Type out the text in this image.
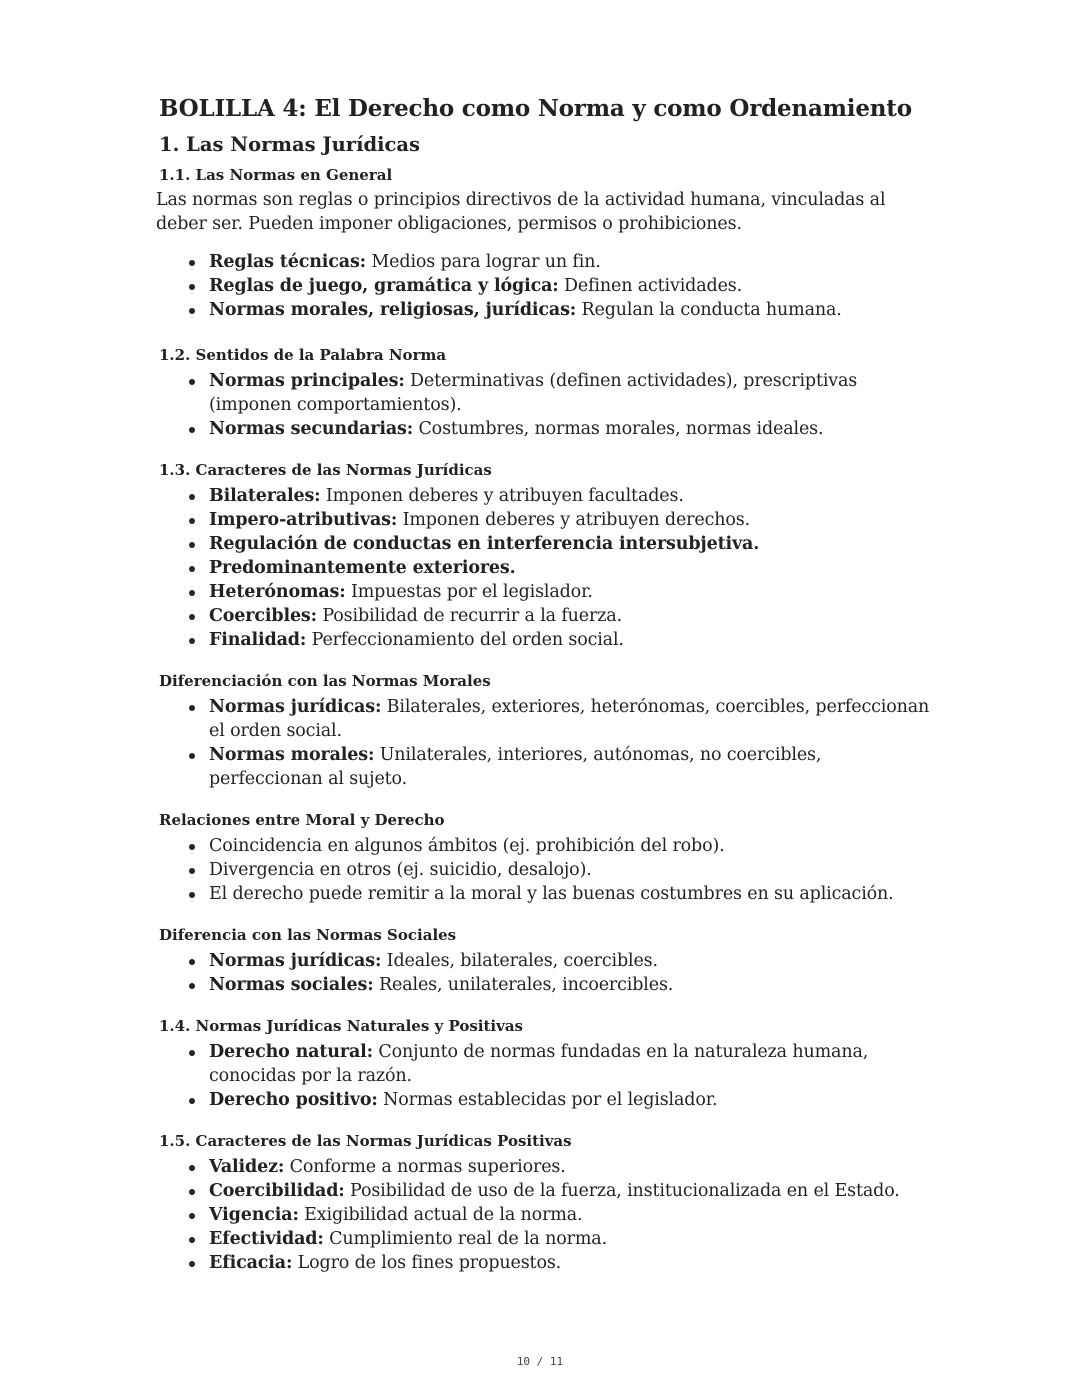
BOLILLA 4: El Derecho como Norma y como Ordenamiento
1. Las Normas Jurídicas
1.1. Las Normas en General

Las normas son reglas o principios directivos de la actividad humana, vinculadas al deber ser. Pueden imponer obligaciones, permisos o prohibiciones.

Reglas técnicas: Medios para lograr un fin.
Reglas de juego, gramática y lógica: Definen actividades.
Normas morales, religiosas, jurídicas: Regulan la conducta humana.
1.2. Sentidos de la Palabra Norma
Normas principales: Determinativas (definen actividades), prescriptivas (imponen comportamientos).
Normas secundarias: Costumbres, normas morales, normas ideales.
1.3. Caracteres de las Normas Jurídicas
Bilaterales: Imponen deberes y atribuyen facultades.
Impero-atributivas: Imponen deberes y atribuyen derechos.
Regulación de conductas en interferencia intersubjetiva.
Predominantemente exteriores.
Heterónomas: Impuestas por el legislador.
Coercibles: Posibilidad de recurrir a la fuerza.
Finalidad: Perfeccionamiento del orden social.
Diferenciación con las Normas Morales
Normas jurídicas: Bilaterales, exteriores, heterónomas, coercibles, perfeccionan el orden social.
Normas morales: Unilaterales, interiores, autónomas, no coercibles, perfeccionan al sujeto.
Relaciones entre Moral y Derecho
Coincidencia en algunos ámbitos (ej. prohibición del robo).
Divergencia en otros (ej. suicidio, desalojo).
El derecho puede remitir a la moral y las buenas costumbres en su aplicación.
Diferencia con las Normas Sociales
Normas jurídicas: Ideales, bilaterales, coercibles.
Normas sociales: Reales, unilaterales, incoercibles.
1.4. Normas Jurídicas Naturales y Positivas
Derecho natural: Conjunto de normas fundadas en la naturaleza humana, conocidas por la razón.
Derecho positivo: Normas establecidas por el legislador.
1.5. Caracteres de las Normas Jurídicas Positivas
Validez: Conforme a normas superiores.
Coercibilidad: Posibilidad de uso de la fuerza, institucionalizada en el Estado.
Vigencia: Exigibilidad actual de la norma.
Efectividad: Cumplimiento real de la norma.
Eficacia: Logro de los fines propuestos.
10 / 11
